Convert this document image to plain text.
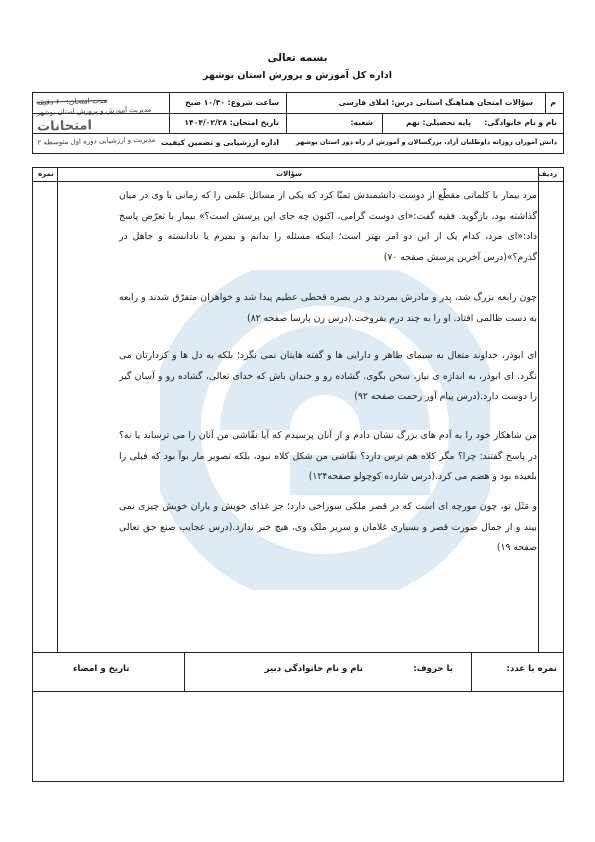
بسمه تعالی
اداره کل آموزش و پرورش استان بوشهر
م
سؤالات امتحان هماهنگ استانی درس: املای فارسی
ساعت شروع: ۱۰/۳۰ صبح
نام و نام خانوادگی:
پایه تحصیلی: نهم
شعبه:
تاریخ امتحان: ۱۴۰۴/۰۲/۲۸
دانش آموزان روزانه داوطلبان آزاد، بزرگسالان و آموزش از راه دور استان بوشهر
اداره ارزشیابی و تضمین کیفیت
مدت امتحان: ۶۰ دقیقه
مدیریت آموزش و پرورش استان بوشهر
امتحانات
مدیریت و ارزشیابی دوره اول متوسطه ۲
ردیف
سؤالات
نمره
مرد بیمار با کلماتی مقطّع از دوست دانشمندش تمنّا کرد که یکی از مسائل علمی را که زمانی با وی در میان گذاشته بود، بازگوید. فقیه گفت:«ای دوست گرامی، اکنون چه جای این پرسش است؟» بیمار با تعرّض پاسخ داد:«ای مرد، کدام یک از این دو امر بهتر است؛ اینکه مسئله را بدانم و بمیرم یا نادانسته و جاهل در گذرم؟»(درس آخرین پرسش صفحه ۷۰)
چون رابعه بزرگ شد، پدر و مادرش بمردند و در بصره قحطی عظیم پیدا شد و خواهران متفرّق شدند و رابعه به دست ظالمی افتاد. او را به چند درم بفروخت.(درس زن پارسا صفحه ۸۲)
ای ابوذر، خداوند متعال به سیمای ظاهر و دارایی ها و گفته هایتان نمی نگرد؛ بلکه به دل ها و کردارتان می نگرد. ای ابوذر، به اندازه ی نیاز، سخن بگوی. گشاده رو و خندان باش که خدای تعالی، گشاده رو و آسان گیر را دوست دارد.(درس پیام آور رحمت صفحه ۹۲)
من شاهکار خود را به آدم های بزرگ نشان دادم و از آنان پرسیدم که آیا نقّاشی من آنان را می ترساند یا نه؟ در پاسخ گفتند: چرا؟ مگر کلاه هم ترس دارد؟ نقّاشی من شکل کلاه نبود، بلکه تصویر مار بوآ بود که فیلی را بلعیده بود و هضم می کرد.(درس شازده کوچولو صفحه۱۲۴)
و مَثَل تو، چون مورچه ای است که در قصر ملکی سوراخی دارد؛ جز غذای خویش و یاران خویش چیزی نمی بیند و از جمال صورت قصر و بسیاری غلامان و سریر ملک وی، هیچ خبر ندارد.(درس عجایب صنع حق تعالی صفحه ۱۹)
نمره با عدد:
با حروف:
نام و نام خانوادگی دبیر
تاریخ و امضاء
